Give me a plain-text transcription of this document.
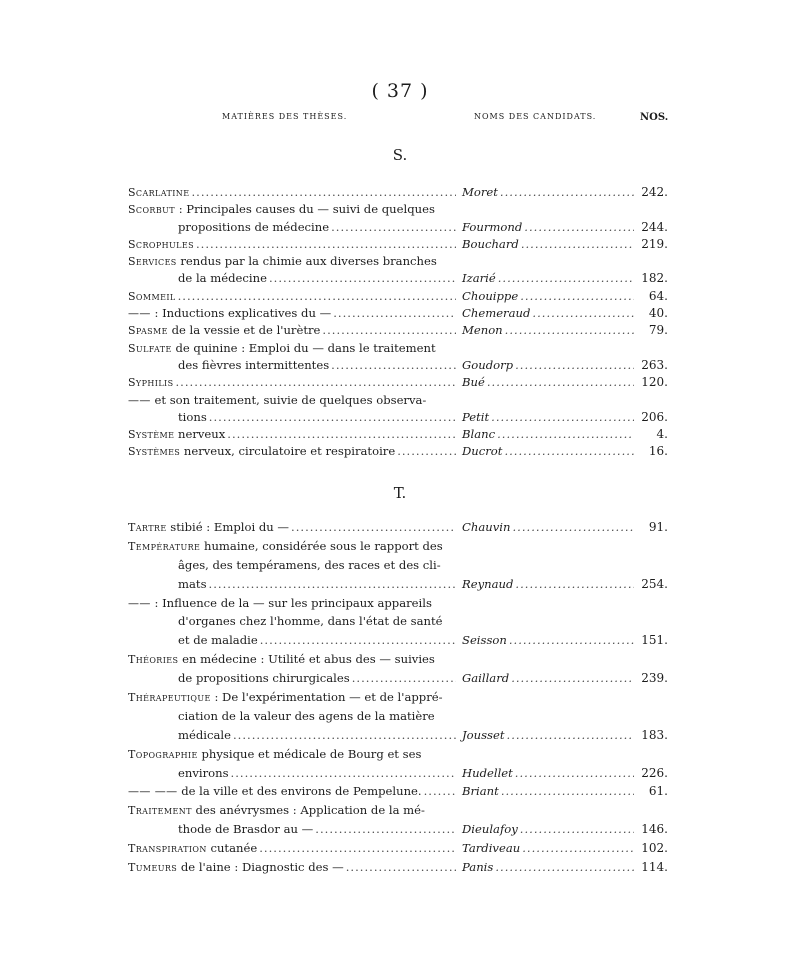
( 37 )
MATIÈRES DES THÈSES.	NOMS DES CANDIDATS.	NOS.
S.
Scarlatine .....	Moret .....	242.
Scorbut
: Principales causes du — suivi de quelques
propositions de médecine .....	Fourmond .....	244.
Scrophules .....	Bouchard .....	219.
Services
rendus par la chimie aux diverses branches
de la médecine .....	Izarié .....	182.
Sommeil .....	Chouippe .....	64.
——
: Inductions explicatives du — .....	Chemeraud .....	40.
Spasme
de la vessie et de l'urètre .....	Menon .....	79.
Sulfate
de quinine : Emploi du — dans le traitement
des fièvres intermittentes .....	Goudorp .....	263.
Syphilis .....	Bué .....	120.
——
et son traitement, suivie de quelques observa-
tions .....	Petit .....	206.
Système
nerveux .....	Blanc .....	4.
Systèmes
nerveux, circulatoire et respiratoire .....	Ducrot .....	16.
T.
Tartre
stibié : Emploi du — .....	Chauvin .....	91.
Température
humaine, considérée sous le rapport des
âges, des tempéramens, des races et des cli-
mats .....	Reynaud .....	254.
——
: Influence de la — sur les principaux appareils
d'organes chez l'homme, dans l'état de santé
et de maladie .....	Seisson .....	151.
Théories
en médecine : Utilité et abus des — suivies
de propositions chirurgicales .....	Gaillard .....	239.
Thérapeutique
: De l'expérimentation — et de l'appré-
ciation de la valeur des agens de la matière
médicale .....	Jousset .....	183.
Topographie
physique et médicale de Bourg et ses
environs .....	Hudellet .....	226.
—— ——
de la ville et des environs de Pempelune. .....	Briant .....	61.
Traitement
des anévrysmes : Application de la mé-
thode de Brasdor au — .....	Dieulafoy .....	146.
Transpiration
cutanée .....	Tardiveau .....	102.
Tumeurs
de l'aine : Diagnostic des — .....	Panis .....	114.
